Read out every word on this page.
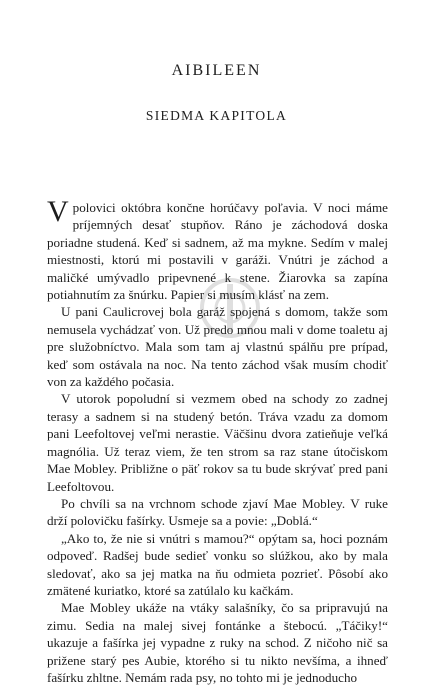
AIBILEEN
SIEDMA KAPITOLA

V polovici októbra končne horúčavy poľavia. V noci máme príjemných desať stupňov. Ráno je záchodová doska poriadne studená. Keď si sadnem, až ma mykne. Sedím v malej miestnosti, ktorú mi postavili v garáži. Vnútri je záchod a maličké umývadlo pripevnené k stene. Žiarovka sa zapína potiahnutím za šnúrku. Papier si musím klásť na zem.

U pani Caulicrovej bola garáž spojená s domom, takže som nemusela vychádzať von. Už predo mnou mali v dome toaletu aj pre služobníctvo. Mala som tam aj vlastnú spálňu pre prípad, keď som ostávala na noc. Na tento záchod však musím chodiť von za každého počasia.

V utorok popoludní si vezmem obed na schody zo zadnej terasy a sadnem si na studený betón. Tráva vzadu za domom pani Leefoltovej veľmi nerastie. Väčšinu dvora zatieňuje veľká magnólia. Už teraz viem, že ten strom sa raz stane útočiskom Mae Mobley. Približne o päť rokov sa tu bude skrývať pred pani Leefoltovou.

Po chvíli sa na vrchnom schode zjaví Mae Mobley. V ruke drží polovičku fašírky. Usmeje sa a povie: „Doblá.“

„Ako to, že nie si vnútri s mamou?“ opýtam sa, hoci poznám odpoveď. Radšej bude sedieť vonku so slúžkou, ako by mala sledovať, ako sa jej matka na ňu odmieta pozrieť. Pôsobí ako zmätené kuriatko, ktoré sa zatúlalo ku kačkám.

Mae Mobley ukáže na vtáky salašníky, čo sa pripravujú na zimu. Sedia na malej sivej fontánke a štebocú. „Táčiky!“ ukazuje a fašírka jej vypadne z ruky na schod. Z ničoho nič sa prižene starý pes Aubie, ktorého si tu nikto nevšíma, a ihneď fašírku zhltne. Nemám rada psy, no tohto mi je jednoducho
